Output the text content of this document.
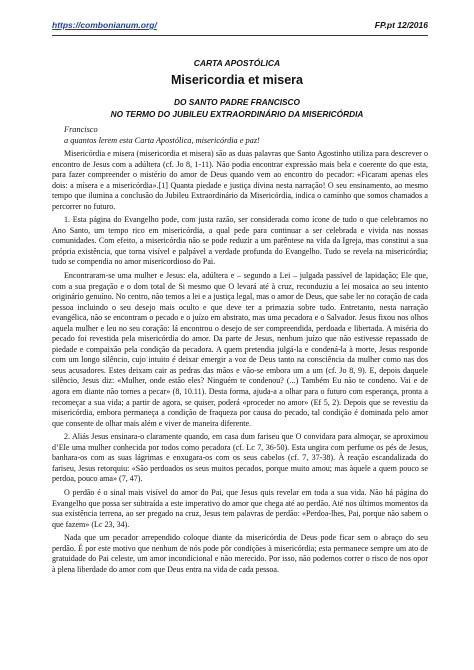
https://combonianum.org/	FP.pt 12/2016
CARTA APOSTÓLICA
Misericordia et misera
DO SANTO PADRE FRANCISCO
NO TERMO DO JUBILEU EXTRAORDINÁRIO DA MISERICÓRDIA
Francisco
a quantos lerem esta Carta Apostólica, misericórdia e paz!

Misericórdia e misera (misericordia et misera) são as duas palavras que Santo Agostinho utiliza para descrever o encontro de Jesus com a adúltera (cf. Jo 8, 1-11). Não podia encontrar expressão mais bela e coerente do que esta, para fazer compreender o mistério do amor de Deus quando vem ao encontro do pecador: «Ficaram apenas eles dois: a mísera e a misericórdia».[1] Quanta piedade e justiça divina nesta narração! O seu ensinamento, ao mesmo tempo que ilumina a conclusão do Jubileu Extraordinário da Misericórdia, indica o caminho que somos chamados a percorrer no futuro.

1. Esta página do Evangelho pode, com justa razão, ser considerada como ícone de tudo o que celebramos no Ano Santo, um tempo rico em misericórdia, a qual pede para continuar a ser celebrada e vivida nas nossas comunidades. Com efeito, a misericórdia não se pode reduzir a um parêntese na vida da Igreja, mas constitui a sua própria existência, que torna visível e palpável a verdade profunda do Evangelho. Tudo se revela na misericórdia; tudo se compendia no amor misericordioso do Pai.

Encontraram-se uma mulher e Jesus: ela, adúltera e – segundo a Lei – julgada passível de lapidação; Ele que, com a sua pregação e o dom total de Si mesmo que O levará até à cruz, reconduziu a lei mosaica ao seu intento originário genuíno. No centro, não temos a lei e a justiça legal, mas o amor de Deus, que sabe ler no coração de cada pessoa incluindo o seu desejo mais oculto e que deve ter a primazia sobre tudo. Entretanto, nesta narração evangélica, não se encontram o pecado e o juízo em abstrato, mas uma pecadora e o Salvador. Jesus fixou nos olhos aquela mulher e leu no seu coração: lá encontrou o desejo de ser compreendida, perdoada e libertada. A miséria do pecado foi revestida pela misericórdia do amor. Da parte de Jesus, nenhum juízo que não estivesse repassado de piedade e compaixão pela condição da pecadora. A quem pretendia julgá-la e condená-la à morte, Jesus responde com um longo silêncio, cujo intuito é deixar emergir a voz de Deus tanto na consciência da mulher como nas dos seus acusadores. Estes deixam cair as pedras das mãos e vão-se embora um a um (cf. Jo 8, 9). E, depois daquele silêncio, Jesus diz: «Mulher, onde estão eles? Ninguém te condenou? (...) Também Eu não te condeno. Vai e de agora em diante não tornes a pecar» (8, 10.11). Desta forma, ajuda-a a olhar para o futuro com esperança, pronta a recomeçar a sua vida; a partir de agora, se quiser, poderá «proceder no amor» (Ef 5, 2). Depois que se revestiu da misericórdia, embora permaneça a condição de fraqueza por causa do pecado, tal condição é dominada pelo amor que consente de olhar mais além e viver de maneira diferente.

2. Aliás Jesus ensinara-o claramente quando, em casa dum fariseu que O convidara para almoçar, se aproximou d’Ele uma mulher conhecida por todos como pecadora (cf. Lc 7, 36-50). Esta ungira com perfume os pés de Jesus, banhara-os com as suas lágrimas e enxugara-os com os seus cabelos (cf. 7, 37-38). À reação escandalizada do fariseu, Jesus retorquiu: «São perdoados os seus muitos pecados, porque muito amou; mas àquele a quem pouco se perdoa, pouco ama» (7, 47).

O perdão é o sinal mais visível do amor do Pai, que Jesus quis revelar em toda a sua vida. Não há página do Evangelho que possa ser subtraída a este imperativo do amor que chega até ao perdão. Até nos últimos momentos da sua existência terrena, ao ser pregado na cruz, Jesus tem palavras de perdão: «Perdoa-lhes, Pai, porque não sabem o que fazem» (Lc 23, 34).

Nada que um pecador arrependido coloque diante da misericórdia de Deus pode ficar sem o abraço do seu perdão. É por este motivo que nenhum de nós pode pôr condições à misericórdia; esta permanece sempre um ato de gratuidade do Pai celeste, um amor incondicional e não merecido. Por isso, não podemos correr o risco de nos opor à plena liberdade do amor com que Deus entra na vida de cada pessoa.
